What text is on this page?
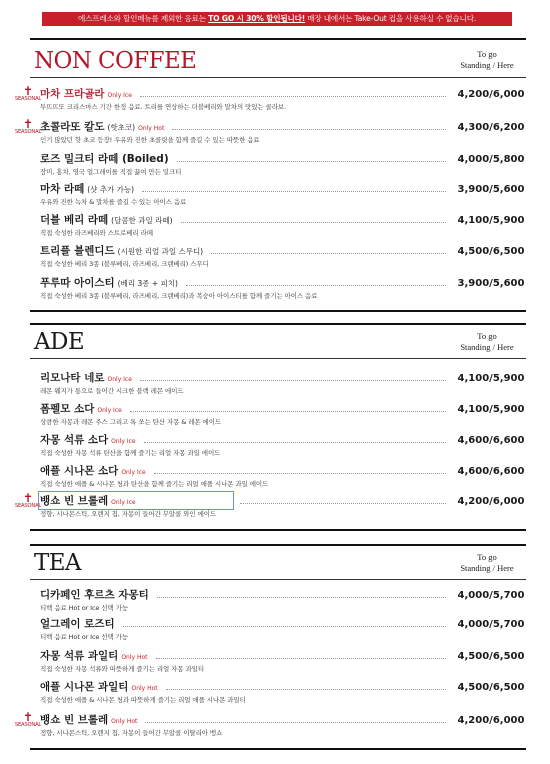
에스프레소와 할인메뉴를 제외한 음료는 TO GO 시 30% 할인됩니다! 매장 내에서는 Take-Out 컵을 사용하실 수 없습니다.
NON COFFEE	To go
Standing / Here
✝
SEASONAL
마차 프라골라 Only Ice	4,200/6,000
투뜨뜨또 크리스마스 기간 한정 음료. 트리를 연상하는 더블베리와 말차의 맛있는 콜라보.
✝
SEASONAL
초콜라또 칼도 (핫초코) Only Hot	4,300/6,200
인기 많았던 핫 초코 등장! 우유와 진한 초콜릿을 함께 즐길 수 있는 따뜻한 음료
로즈 밀크티 라떼 (Boiled)	4,000/5,800
장미, 홍차, 영국 얼그레이를 직접 끓여 만든 밀크티
마차 라떼 (샷 추가 가능)	3,900/5,600
우유와 진한 녹차 & 말차를 즐길 수 있는 아이스 음료
더블 베리 라떼 (달콤한 과일 라떼)	4,100/5,900
직접 숙성한 라즈베리와 스트로베리 라떼
트리플 블렌디드 (시원한 리얼 과일 스무디)	4,500/6,500
직접 숙성한 베리 3종 (블루베리, 라즈베리, 크랜베리) 스무디
푸루따 아이스티 (베리 3종 + 피치)	3,900/5,600
직접 숙성한 베리 3종 (블루베리, 라즈베리, 크랜베리)과 복숭아 아이스티를 함께 즐기는 아이스 음료
ADE	To go
Standing / Here
리모나타 네로 Only Ice	4,100/5,900
레몬 웨지가 통으로 들어간 시크한 블랙 레몬 에이드
폼펠모 소다 Only Ice	4,100/5,900
상큼한 자몽과 레몬 주스 그리고 톡 쏘는 탄산 자몽 & 레몬 에이드
자몽 석류 소다 Only Ice	4,600/6,600
직접 숙성한 자몽 석류 탄산을 함께 즐기는 리얼 자몽 과일 에이드
애플 시나몬 소다 Only Ice	4,600/6,600
직접 숙성한 애플 & 시나몬 청과 탄산을 함께 즐기는 리얼 애플 시나몬 과일 에이드
✝
SEASONAL
뱅쇼 빈 브롤레 Only Ice	4,200/6,000
정향, 시나몬스틱, 오렌지 칩, 자몽이 들어간 무알콜 와인 에이드
TEA	To go
Standing / Here
디카페인 후르츠 자몽티	4,000/5,700
티백 음료 Hot or Ice 선택 가능
얼그레이 로즈티	4,000/5,700
티백 음료 Hot or Ice 선택 가능
자몽 석류 과일티 Only Hot	4,500/6,500
직접 숙성한 자몽 석류와 따뜻하게 즐기는 리얼 자몽 과일티
애플 시나몬 과일티 Only Hot	4,500/6,500
직접 숙성한 애플 & 시나몬 청과 따뜻하게 즐기는 리얼 애플 시나몬 과일티
✝
SEASONAL
뱅쇼 빈 브롤레 Only Hot	4,200/6,000
정향, 시나몬스틱, 오렌지 칩, 자몽이 들어간 무알콜 이탈리아 뱅쇼
